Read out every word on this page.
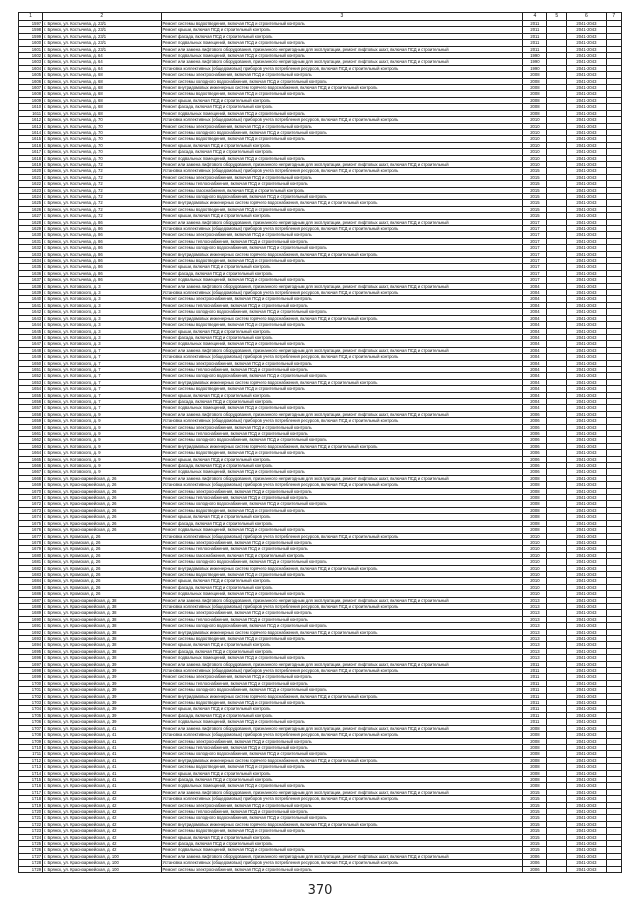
1	2	3	4	5	6	7
1597	г. Брянск, ул. Костычева, д. 23/1	Ремонт системы водоотведения, включая ПСД и строительный контроль	2011		2041-2043	
1598	г. Брянск, ул. Костычева, д. 23/1	Ремонт крыши, включая ПСД и строительный контроль	2011		2041-2043	
1599	г. Брянск, ул. Костычева, д. 23/1	Ремонт фасада, включая ПСД и строительный контроль	2011		2041-2043	
1600	г. Брянск, ул. Костычева, д. 23/1	Ремонт подвальных помещений, включая ПСД и строительный контроль	2011		2041-2043	
1601	г. Брянск, ул. Костычева, д. 23/1	Ремонт или замена лифтового оборудования, признанного непригодным для эксплуатации, ремонт лифтовых шахт, включая ПСД и строительный	2011		2041-2043	
1602	г. Брянск, ул. Костычева, д. 64	Ремонт подвальных помещений, включая ПСД и строительный контроль	1990		2041-2043	
1603	г. Брянск, ул. Костычева, д. 64	Ремонт или замена лифтового оборудования, признанного непригодным для эксплуатации, ремонт лифтовых шахт, включая ПСД и строительный	1990		2041-2043	
1604	г. Брянск, ул. Костычева, д. 64	Установка коллективных (общедомовых) приборов учета потребления ресурсов, включая ПСД и строительный контроль	1990		2041-2043	
1605	г. Брянск, ул. Костычева, д. 68	Ремонт системы электроснабжения, включая ПСД и строительный контроль	2008		2041-2043	
1606	г. Брянск, ул. Костычева, д. 68	Ремонт системы холодного водоснабжения, включая ПСД и строительный контроль	2008		2041-2043	
1607	г. Брянск, ул. Костычева, д. 68	Ремонт внутридомовых инженерных систем горячего водоснабжения, включая ПСД и строительный контроль	2008		2041-2043	
1608	г. Брянск, ул. Костычева, д. 68	Ремонт системы водоотведения, включая ПСД и строительный контроль	2008		2041-2043	
1609	г. Брянск, ул. Костычева, д. 68	Ремонт крыши, включая ПСД и строительный контроль	2008		2041-2043	
1610	г. Брянск, ул. Костычева, д. 68	Ремонт фасада, включая ПСД и строительный контроль	2008		2041-2043	
1611	г. Брянск, ул. Костычева, д. 68	Ремонт подвальных помещений, включая ПСД и строительный контроль	2008		2041-2043	
1612	г. Брянск, ул. Костычева, д. 70	Установка коллективных (общедомовых) приборов учета потребления ресурсов, включая ПСД и строительный контроль	2010		2041-2043	
1613	г. Брянск, ул. Костычева, д. 70	Ремонт системы электроснабжения, включая ПСД и строительный контроль	2010		2041-2043	
1614	г. Брянск, ул. Костычева, д. 70	Ремонт системы холодного водоснабжения, включая ПСД и строительный контроль	2010		2041-2043	
1615	г. Брянск, ул. Костычева, д. 70	Ремонт системы водоотведения, включая ПСД и строительный контроль	2010		2041-2043	
1616	г. Брянск, ул. Костычева, д. 70	Ремонт крыши, включая ПСД и строительный контроль	2010		2041-2043	
1617	г. Брянск, ул. Костычева, д. 70	Ремонт фасада, включая ПСД и строительный контроль	2010		2041-2043	
1618	г. Брянск, ул. Костычева, д. 70	Ремонт подвальных помещений, включая ПСД и строительный контроль	2010		2041-2043	
1619	г. Брянск, ул. Костычева, д. 72	Ремонт или замена лифтового оборудования, признанного непригодным для эксплуатации, ремонт лифтовых шахт, включая ПСД и строительный	2010		2041-2043	
1620	г. Брянск, ул. Костычева, д. 72	Установка коллективных (общедомовых) приборов учета потребления ресурсов, включая ПСД и строительный контроль	2015		2041-2043	
1621	г. Брянск, ул. Костычева, д. 72	Ремонт системы электроснабжения, включая ПСД и строительный контроль	2015		2041-2043	
1622	г. Брянск, ул. Костычева, д. 72	Ремонт системы теплоснабжения, включая ПСД и строительный контроль	2015		2041-2043	
1623	г. Брянск, ул. Костычева, д. 72	Ремонт системы газоснабжения, включая ПСД и строительный контроль	2015		2041-2043	
1624	г. Брянск, ул. Костычева, д. 72	Ремонт системы холодного водоснабжения, включая ПСД и строительный контроль	2015		2041-2043	
1625	г. Брянск, ул. Костычева, д. 72	Ремонт внутридомовых инженерных систем горячего водоснабжения, включая ПСД и строительный контроль	2015		2041-2043	
1626	г. Брянск, ул. Костычева, д. 72	Ремонт системы водоотведения, включая ПСД и строительный контроль	2015		2041-2043	
1627	г. Брянск, ул. Костычева, д. 72	Ремонт крыши, включая ПСД и строительный контроль	2015		2041-2043	
1628	г. Брянск, ул. Костычева, д. 86	Ремонт или замена лифтового оборудования, признанного непригодным для эксплуатации, ремонт лифтовых шахт, включая ПСД и строительный	2017		2041-2043	
1629	г. Брянск, ул. Костычева, д. 86	Установка коллективных (общедомовых) приборов учета потребления ресурсов, включая ПСД и строительный контроль	2017		2041-2043	
1630	г. Брянск, ул. Костычева, д. 86	Ремонт системы электроснабжения, включая ПСД и строительный контроль	2017		2041-2043	
1631	г. Брянск, ул. Костычева, д. 86	Ремонт системы теплоснабжения, включая ПСД и строительный контроль	2017		2041-2043	
1632	г. Брянск, ул. Костычева, д. 86	Ремонт системы холодного водоснабжения, включая ПСД и строительный контроль	2017		2041-2043	
1633	г. Брянск, ул. Костычева, д. 86	Ремонт внутридомовых инженерных систем горячего водоснабжения, включая ПСД и строительный контроль	2017		2041-2043	
1634	г. Брянск, ул. Костычева, д. 86	Ремонт системы водоотведения, включая ПСД и строительный контроль	2017		2041-2043	
1635	г. Брянск, ул. Костычева, д. 86	Ремонт крыши, включая ПСД и строительный контроль	2017		2041-2043	
1636	г. Брянск, ул. Костычева, д. 86	Ремонт фасада, включая ПСД и строительный контроль	2017		2041-2043	
1637	г. Брянск, ул. Костычева, д. 86	Ремонт подвальных помещений, включая ПСД и строительный контроль	2017		2041-2043	
1638	г. Брянск, ул. Котовского, д. 3	Ремонт или замена лифтового оборудования, признанного непригодным для эксплуатации, ремонт лифтовых шахт, включая ПСД и строительный	2004		2041-2043	
1639	г. Брянск, ул. Котовского, д. 3	Установка коллективных (общедомовых) приборов учета потребления ресурсов, включая ПСД и строительный контроль	2004		2041-2043	
1640	г. Брянск, ул. Котовского, д. 3	Ремонт системы электроснабжения, включая ПСД и строительный контроль	2004		2041-2043	
1641	г. Брянск, ул. Котовского, д. 3	Ремонт системы теплоснабжения, включая ПСД и строительный контроль	2004		2041-2043	
1642	г. Брянск, ул. Котовского, д. 3	Ремонт системы холодного водоснабжения, включая ПСД и строительный контроль	2004		2041-2043	
1643	г. Брянск, ул. Котовского, д. 3	Ремонт внутридомовых инженерных систем горячего водоснабжения, включая ПСД и строительный контроль	2004		2041-2043	
1644	г. Брянск, ул. Котовского, д. 3	Ремонт системы водоотведения, включая ПСД и строительный контроль	2004		2041-2043	
1645	г. Брянск, ул. Котовского, д. 3	Ремонт крыши, включая ПСД и строительный контроль	2004		2041-2043	
1646	г. Брянск, ул. Котовского, д. 3	Ремонт фасада, включая ПСД и строительный контроль	2004		2041-2043	
1647	г. Брянск, ул. Котовского, д. 3	Ремонт подвальных помещений, включая ПСД и строительный контроль	2004		2041-2043	
1648	г. Брянск, ул. Котовского, д. 7	Ремонт или замена лифтового оборудования, признанного непригодным для эксплуатации, ремонт лифтовых шахт, включая ПСД и строительный	2004		2041-2043	
1649	г. Брянск, ул. Котовского, д. 7	Установка коллективных (общедомовых) приборов учета потребления ресурсов, включая ПСД и строительный контроль	2004		2041-2043	
1650	г. Брянск, ул. Котовского, д. 7	Ремонт системы электроснабжения, включая ПСД и строительный контроль	2004		2041-2043	
1651	г. Брянск, ул. Котовского, д. 7	Ремонт системы теплоснабжения, включая ПСД и строительный контроль	2004		2041-2043	
1652	г. Брянск, ул. Котовского, д. 7	Ремонт системы холодного водоснабжения, включая ПСД и строительный контроль	2004		2041-2043	
1653	г. Брянск, ул. Котовского, д. 7	Ремонт внутридомовых инженерных систем горячего водоснабжения, включая ПСД и строительный контроль	2004		2041-2043	
1654	г. Брянск, ул. Котовского, д. 7	Ремонт системы водоотведения, включая ПСД и строительный контроль	2004		2041-2043	
1655	г. Брянск, ул. Котовского, д. 7	Ремонт крыши, включая ПСД и строительный контроль	2004		2041-2043	
1656	г. Брянск, ул. Котовского, д. 7	Ремонт фасада, включая ПСД и строительный контроль	2004		2041-2043	
1657	г. Брянск, ул. Котовского, д. 7	Ремонт подвальных помещений, включая ПСД и строительный контроль	2004		2041-2043	
1658	г. Брянск, ул. Котовского, д. 9	Ремонт или замена лифтового оборудования, признанного непригодным для эксплуатации, ремонт лифтовых шахт, включая ПСД и строительный	2006		2041-2043	
1659	г. Брянск, ул. Котовского, д. 9	Установка коллективных (общедомовых) приборов учета потребления ресурсов, включая ПСД и строительный контроль	2006		2041-2043	
1660	г. Брянск, ул. Котовского, д. 9	Ремонт системы электроснабжения, включая ПСД и строительный контроль	2006		2041-2043	
1661	г. Брянск, ул. Котовского, д. 9	Ремонт системы теплоснабжения, включая ПСД и строительный контроль	2006		2041-2043	
1662	г. Брянск, ул. Котовского, д. 9	Ремонт системы холодного водоснабжения, включая ПСД и строительный контроль	2006		2041-2043	
1663	г. Брянск, ул. Котовского, д. 9	Ремонт внутридомовых инженерных систем горячего водоснабжения, включая ПСД и строительный контроль	2006		2041-2043	
1664	г. Брянск, ул. Котовского, д. 9	Ремонт системы водоотведения, включая ПСД и строительный контроль	2006		2041-2043	
1665	г. Брянск, ул. Котовского, д. 9	Ремонт крыши, включая ПСД и строительный контроль	2006		2041-2043	
1666	г. Брянск, ул. Котовского, д. 9	Ремонт фасада, включая ПСД и строительный контроль	2006		2041-2043	
1667	г. Брянск, ул. Котовского, д. 9	Ремонт подвальных помещений, включая ПСД и строительный контроль	2006		2041-2043	
1668	г. Брянск, ул. Красноармейская, д. 26	Ремонт или замена лифтового оборудования, признанного непригодным для эксплуатации, ремонт лифтовых шахт, включая ПСД и строительный	2008		2041-2043	
1669	г. Брянск, ул. Красноармейская, д. 26	Установка коллективных (общедомовых) приборов учета потребления ресурсов, включая ПСД и строительный контроль	2008		2041-2043	
1670	г. Брянск, ул. Красноармейская, д. 26	Ремонт системы электроснабжения, включая ПСД и строительный контроль	2008		2041-2043	
1671	г. Брянск, ул. Красноармейская, д. 26	Ремонт системы теплоснабжения, включая ПСД и строительный контроль	2008		2041-2043	
1672	г. Брянск, ул. Красноармейская, д. 26	Ремонт системы холодного водоснабжения, включая ПСД и строительный контроль	2008		2041-2043	
1673	г. Брянск, ул. Красноармейская, д. 26	Ремонт системы водоотведения, включая ПСД и строительный контроль	2008		2041-2043	
1674	г. Брянск, ул. Красноармейская, д. 26	Ремонт крыши, включая ПСД и строительный контроль	2008		2041-2043	
1675	г. Брянск, ул. Красноармейская, д. 26	Ремонт фасада, включая ПСД и строительный контроль	2008		2041-2043	
1676	г. Брянск, ул. Красноармейская, д. 26	Ремонт подвальных помещений, включая ПСД и строительный контроль	2008		2041-2043	
1677	г. Брянск, ул. Кромская, д. 26	Установка коллективных (общедомовых) приборов учета потребления ресурсов, включая ПСД и строительный контроль	2010		2041-2043	
1678	г. Брянск, ул. Кромская, д. 26	Ремонт системы электроснабжения, включая ПСД и строительный контроль	2010		2041-2043	
1679	г. Брянск, ул. Кромская, д. 26	Ремонт системы теплоснабжения, включая ПСД и строительный контроль	2010		2041-2043	
1680	г. Брянск, ул. Кромская, д. 26	Ремонт системы газоснабжения, включая ПСД и строительный контроль	2010		2041-2043	
1681	г. Брянск, ул. Кромская, д. 26	Ремонт системы холодного водоснабжения, включая ПСД и строительный контроль	2010		2041-2043	
1682	г. Брянск, ул. Кромская, д. 26	Ремонт внутридомовых инженерных систем горячего водоснабжения, включая ПСД и строительный контроль	2010		2041-2043	
1683	г. Брянск, ул. Кромская, д. 26	Ремонт системы водоотведения, включая ПСД и строительный контроль	2010		2041-2043	
1684	г. Брянск, ул. Кромская, д. 26	Ремонт крыши, включая ПСД и строительный контроль	2010		2041-2043	
1685	г. Брянск, ул. Кромская, д. 26	Ремонт фасада, включая ПСД и строительный контроль	2010		2041-2043	
1686	г. Брянск, ул. Кромская, д. 26	Ремонт подвальных помещений, включая ПСД и строительный контроль	2010		2041-2043	
1687	г. Брянск, ул. Красноармейская, д. 38	Ремонт или замена лифтового оборудования, признанного непригодным для эксплуатации, ремонт лифтовых шахт, включая ПСД и строительный	2013		2041-2043	
1688	г. Брянск, ул. Красноармейская, д. 38	Установка коллективных (общедомовых) приборов учета потребления ресурсов, включая ПСД и строительный контроль	2013		2041-2043	
1689	г. Брянск, ул. Красноармейская, д. 38	Ремонт системы электроснабжения, включая ПСД и строительный контроль	2013		2041-2043	
1690	г. Брянск, ул. Красноармейская, д. 38	Ремонт системы теплоснабжения, включая ПСД и строительный контроль	2013		2041-2043	
1691	г. Брянск, ул. Красноармейская, д. 38	Ремонт системы холодного водоснабжения, включая ПСД и строительный контроль	2013		2041-2043	
1692	г. Брянск, ул. Красноармейская, д. 38	Ремонт внутридомовых инженерных систем горячего водоснабжения, включая ПСД и строительный контроль	2013		2041-2043	
1693	г. Брянск, ул. Красноармейская, д. 38	Ремонт системы водоотведения, включая ПСД и строительный контроль	2013		2041-2043	
1694	г. Брянск, ул. Красноармейская, д. 38	Ремонт крыши, включая ПСД и строительный контроль	2013		2041-2043	
1695	г. Брянск, ул. Красноармейская, д. 38	Ремонт фасада, включая ПСД и строительный контроль	2013		2041-2043	
1696	г. Брянск, ул. Красноармейская, д. 38	Ремонт подвальных помещений, включая ПСД и строительный контроль	2013		2041-2043	
1697	г. Брянск, ул. Красноармейская, д. 39	Ремонт или замена лифтового оборудования, признанного непригодным для эксплуатации, ремонт лифтовых шахт, включая ПСД и строительный	2011		2041-2043	
1698	г. Брянск, ул. Красноармейская, д. 39	Установка коллективных (общедомовых) приборов учета потребления ресурсов, включая ПСД и строительный контроль	2011		2041-2043	
1699	г. Брянск, ул. Красноармейская, д. 39	Ремонт системы электроснабжения, включая ПСД и строительный контроль	2011		2041-2043	
1700	г. Брянск, ул. Красноармейская, д. 39	Ремонт системы теплоснабжения, включая ПСД и строительный контроль	2011		2041-2043	
1701	г. Брянск, ул. Красноармейская, д. 39	Ремонт системы холодного водоснабжения, включая ПСД и строительный контроль	2011		2041-2043	
1702	г. Брянск, ул. Красноармейская, д. 39	Ремонт внутридомовых инженерных систем горячего водоснабжения, включая ПСД и строительный контроль	2011		2041-2043	
1703	г. Брянск, ул. Красноармейская, д. 39	Ремонт системы водоотведения, включая ПСД и строительный контроль	2011		2041-2043	
1704	г. Брянск, ул. Красноармейская, д. 39	Ремонт крыши, включая ПСД и строительный контроль	2011		2041-2043	
1705	г. Брянск, ул. Красноармейская, д. 39	Ремонт фасада, включая ПСД и строительный контроль	2011		2041-2043	
1706	г. Брянск, ул. Красноармейская, д. 39	Ремонт подвальных помещений, включая ПСД и строительный контроль	2011		2041-2043	
1707	г. Брянск, ул. Красноармейская, д. 41	Ремонт или замена лифтового оборудования, признанного непригодным для эксплуатации, ремонт лифтовых шахт, включая ПСД и строительный	2008		2041-2043	
1708	г. Брянск, ул. Красноармейская, д. 41	Установка коллективных (общедомовых) приборов учета потребления ресурсов, включая ПСД и строительный контроль	2008		2041-2043	
1709	г. Брянск, ул. Красноармейская, д. 41	Ремонт системы электроснабжения, включая ПСД и строительный контроль	2008		2041-2043	
1710	г. Брянск, ул. Красноармейская, д. 41	Ремонт системы теплоснабжения, включая ПСД и строительный контроль	2008		2041-2043	
1711	г. Брянск, ул. Красноармейская, д. 41	Ремонт системы холодного водоснабжения, включая ПСД и строительный контроль	2008		2041-2043	
1712	г. Брянск, ул. Красноармейская, д. 41	Ремонт внутридомовых инженерных систем горячего водоснабжения, включая ПСД и строительный контроль	2008		2041-2043	
1713	г. Брянск, ул. Красноармейская, д. 41	Ремонт системы водоотведения, включая ПСД и строительный контроль	2008		2041-2043	
1714	г. Брянск, ул. Красноармейская, д. 41	Ремонт крыши, включая ПСД и строительный контроль	2008		2041-2043	
1715	г. Брянск, ул. Красноармейская, д. 41	Ремонт фасада, включая ПСД и строительный контроль	2008		2041-2043	
1716	г. Брянск, ул. Красноармейская, д. 41	Ремонт подвальных помещений, включая ПСД и строительный контроль	2008		2041-2043	
1717	г. Брянск, ул. Красноармейская, д. 42	Ремонт или замена лифтового оборудования, признанного непригодным для эксплуатации, ремонт лифтовых шахт, включая ПСД и строительный	2015		2041-2043	
1718	г. Брянск, ул. Красноармейская, д. 42	Установка коллективных (общедомовых) приборов учета потребления ресурсов, включая ПСД и строительный контроль	2015		2041-2043	
1719	г. Брянск, ул. Красноармейская, д. 42	Ремонт системы электроснабжения, включая ПСД и строительный контроль	2015		2041-2043	
1720	г. Брянск, ул. Красноармейская, д. 42	Ремонт системы теплоснабжения, включая ПСД и строительный контроль	2015		2041-2043	
1721	г. Брянск, ул. Красноармейская, д. 42	Ремонт системы холодного водоснабжения, включая ПСД и строительный контроль	2015		2041-2043	
1722	г. Брянск, ул. Красноармейская, д. 42	Ремонт внутридомовых инженерных систем горячего водоснабжения, включая ПСД и строительный контроль	2015		2041-2043	
1723	г. Брянск, ул. Красноармейская, д. 42	Ремонт системы водоотведения, включая ПСД и строительный контроль	2015		2041-2043	
1724	г. Брянск, ул. Красноармейская, д. 42	Ремонт крыши, включая ПСД и строительный контроль	2015		2041-2043	
1725	г. Брянск, ул. Красноармейская, д. 42	Ремонт фасада, включая ПСД и строительный контроль	2015		2041-2043	
1726	г. Брянск, ул. Красноармейская, д. 42	Ремонт подвальных помещений, включая ПСД и строительный контроль	2015		2041-2043	
1727	г. Брянск, ул. Красноармейская, д. 100	Ремонт или замена лифтового оборудования, признанного непригодным для эксплуатации, ремонт лифтовых шахт, включая ПСД и строительный	2006		2041-2043	
1728	г. Брянск, ул. Красноармейская, д. 100	Установка коллективных (общедомовых) приборов учета потребления ресурсов, включая ПСД и строительный контроль	2006		2041-2043	
1729	г. Брянск, ул. Красноармейская, д. 100	Ремонт системы электроснабжения, включая ПСД и строительный контроль	2006		2041-2043	
370
